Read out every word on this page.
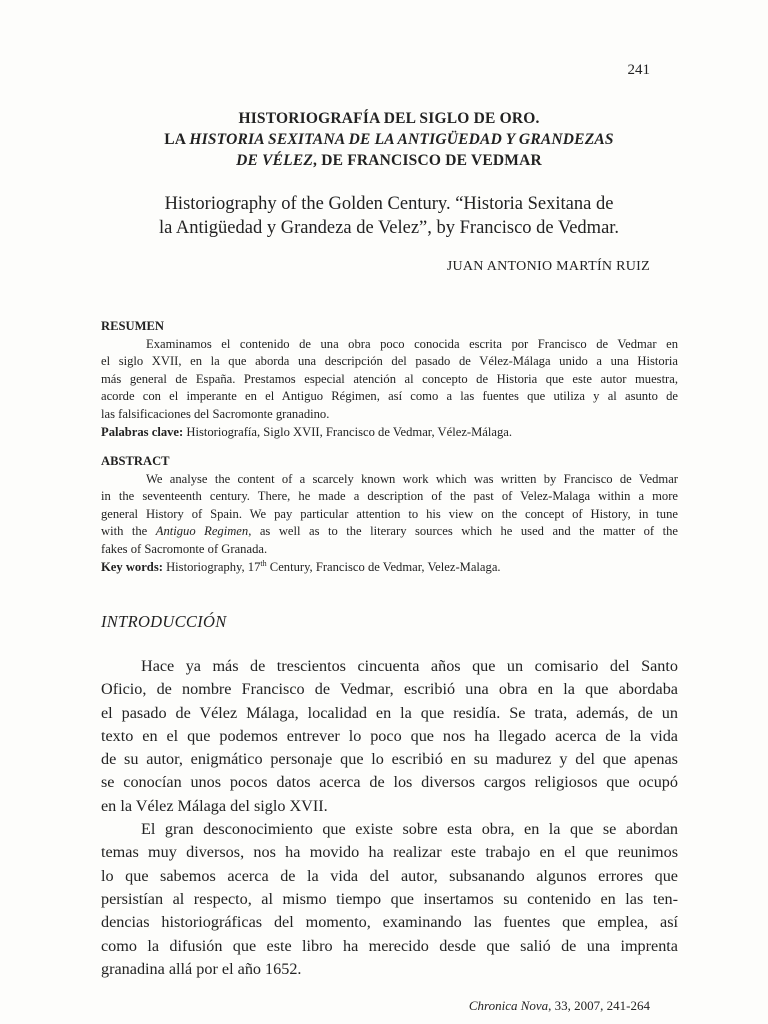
241
HISTORIOGRAFÍA DEL SIGLO DE ORO.
LA HISTORIA SEXITANA DE LA ANTIGÜEDAD Y GRANDEZAS
DE VÉLEZ, DE FRANCISCO DE VEDMAR
Historiography of the Golden Century. “Historia Sexitana de
la Antigüedad y Grandeza de Velez”, by Francisco de Vedmar.
JUAN ANTONIO MARTÍN RUIZ
RESUMEN
Examinamos el contenido de una obra poco conocida escrita por Francisco de Vedmar en
el siglo XVII, en la que aborda una descripción del pasado de Vélez-Málaga unido a una Historia
más general de España. Prestamos especial atención al concepto de Historia que este autor muestra,
acorde con el imperante en el Antiguo Régimen, así como a las fuentes que utiliza y al asunto de
las falsificaciones del Sacromonte granadino.
Palabras clave: Historiografía, Siglo XVII, Francisco de Vedmar, Vélez-Málaga.
ABSTRACT
We analyse the content of a scarcely known work which was written by Francisco de Vedmar
in the seventeenth century. There, he made a description of the past of Velez-Malaga within a more
general History of Spain. We pay particular attention to his view on the concept of History, in tune
with the Antiguo Regimen, as well as to the literary sources which he used and the matter of the
fakes of Sacromonte of Granada.
Key words: Historiography, 17th Century, Francisco de Vedmar, Velez-Malaga.
INTRODUCCIÓN
Hace ya más de trescientos cincuenta años que un comisario del Santo
Oficio, de nombre Francisco de Vedmar, escribió una obra en la que abordaba
el pasado de Vélez Málaga, localidad en la que residía. Se trata, además, de un
texto en el que podemos entrever lo poco que nos ha llegado acerca de la vida
de su autor, enigmático personaje que lo escribió en su madurez y del que apenas
se conocían unos pocos datos acerca de los diversos cargos religiosos que ocupó
en la Vélez Málaga del siglo XVII.
El gran desconocimiento que existe sobre esta obra, en la que se abordan
temas muy diversos, nos ha movido ha realizar este trabajo en el que reunimos
lo que sabemos acerca de la vida del autor, subsanando algunos errores que
persistían al respecto, al mismo tiempo que insertamos su contenido en las ten-
dencias historiográficas del momento, examinando las fuentes que emplea, así
como la difusión que este libro ha merecido desde que salió de una imprenta
granadina allá por el año 1652.
Chronica Nova, 33, 2007, 241-264
